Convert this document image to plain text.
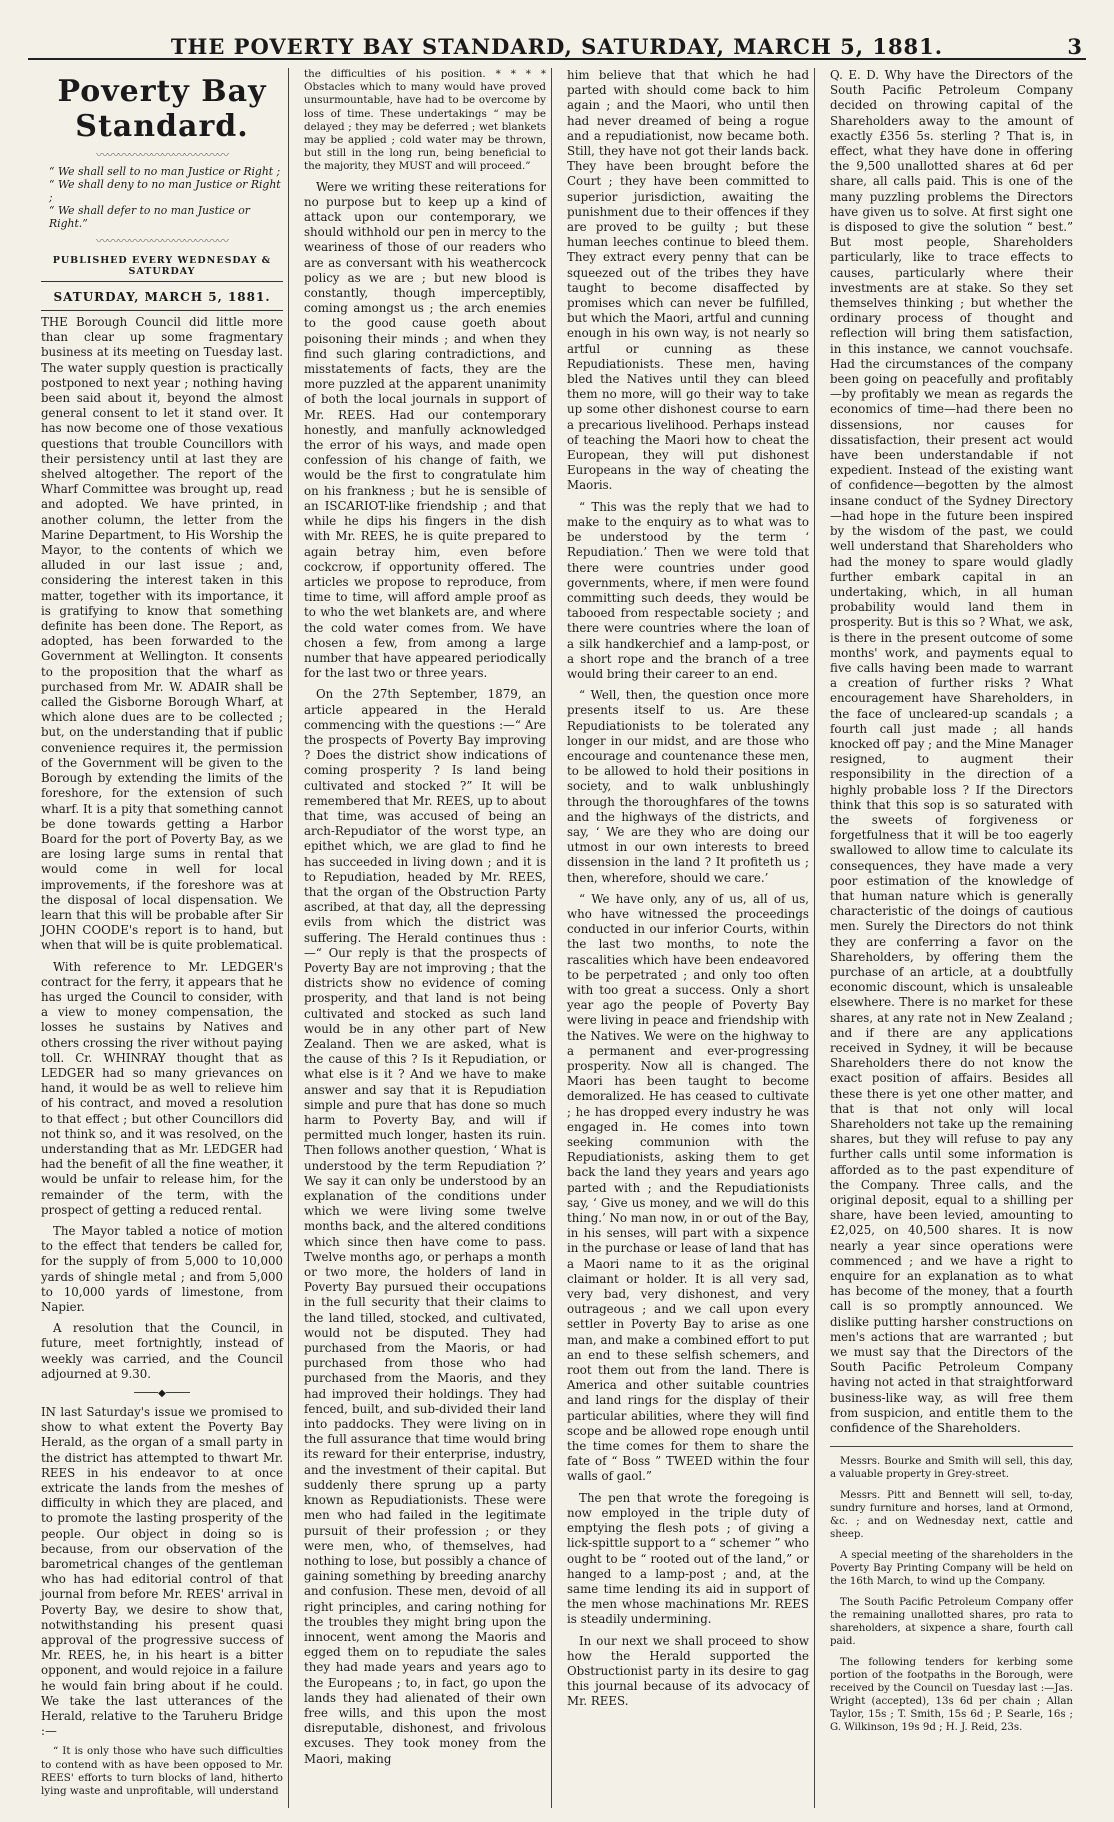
THE POVERTY BAY STANDARD, SATURDAY, MARCH 5, 1881.	3
Poverty Bay Standard.
〰〰〰〰〰〰〰〰〰〰〰〰
“ We shall sell to no man Justice or Right ;
“ We shall deny to no man Justice or Right ;
“ We shall defer to no man Justice or Right.”
〰〰〰〰〰〰〰〰〰〰〰〰
PUBLISHED EVERY WEDNESDAY & SATURDAY
SATURDAY, MARCH 5, 1881.

THE Borough Council did little more than clear up some fragmentary business at its meeting on Tuesday last. The water supply question is practically postponed to next year ; nothing having been said about it, beyond the almost general consent to let it stand over. It has now become one of those vexatious questions that trouble Councillors with their persistency until at last they are shelved altogether. The report of the Wharf Committee was brought up, read and adopted. We have printed, in another column, the letter from the Marine Department, to His Worship the Mayor, to the contents of which we alluded in our last issue ; and, considering the interest taken in this matter, together with its importance, it is gratifying to know that something definite has been done. The Report, as adopted, has been forwarded to the Government at Wellington. It consents to the proposition that the wharf as purchased from Mr. W. ADAIR shall be called the Gisborne Borough Wharf, at which alone dues are to be collected ; but, on the understanding that if public convenience requires it, the permission of the Government will be given to the Borough by extending the limits of the foreshore, for the extension of such wharf. It is a pity that something cannot be done towards getting a Harbor Board for the port of Poverty Bay, as we are losing large sums in rental that would come in well for local improvements, if the foreshore was at the disposal of local dispensation. We learn that this will be probable after Sir JOHN COODE's report is to hand, but when that will be is quite problematical.

With reference to Mr. LEDGER's contract for the ferry, it appears that he has urged the Council to consider, with a view to money compensation, the losses he sustains by Natives and others crossing the river without paying toll. Cr. WHINRAY thought that as LEDGER had so many grievances on hand, it would be as well to relieve him of his contract, and moved a resolution to that effect ; but other Councillors did not think so, and it was resolved, on the understanding that as Mr. LEDGER had had the benefit of all the fine weather, it would be unfair to release him, for the remainder of the term, with the prospect of getting a reduced rental.

The Mayor tabled a notice of motion to the effect that tenders be called for, for the supply of from 5,000 to 10,000 yards of shingle metal ; and from 5,000 to 10,000 yards of limestone, from Napier.

A resolution that the Council, in future, meet fortnightly, instead of weekly was carried, and the Council adjourned at 9.30.

────◆────

IN last Saturday's issue we promised to show to what extent the Poverty Bay Herald, as the organ of a small party in the district has attempted to thwart Mr. REES in his endeavor to at once extricate the lands from the meshes of difficulty in which they are placed, and to promote the lasting prosperity of the people. Our object in doing so is because, from our observation of the barometrical changes of the gentleman who has had editorial control of that journal from before Mr. REES' arrival in Poverty Bay, we desire to show that, notwithstanding his present quasi approval of the progressive success of Mr. REES, he, in his heart is a bitter opponent, and would rejoice in a failure he would fain bring about if he could. We take the last utterances of the Herald, relative to the Taruheru Bridge :—

“ It is only those who have such difficulties to contend with as have been opposed to Mr. REES' efforts to turn blocks of land, hitherto lying waste and unprofitable, will understand

the difficulties of his position. * * * * Obstacles which to many would have proved unsurmountable, have had to be overcome by loss of time. These undertakings “ may be delayed ; they may be deferred ; wet blankets may be applied ; cold water may be thrown, but still in the long run, being beneficial to the majority, they MUST and will proceed.”

Were we writing these reiterations for no purpose but to keep up a kind of attack upon our contemporary, we should withhold our pen in mercy to the weariness of those of our readers who are as conversant with his weathercock policy as we are ; but new blood is constantly, though imperceptibly, coming amongst us ; the arch enemies to the good cause goeth about poisoning their minds ; and when they find such glaring contradictions, and misstatements of facts, they are the more puzzled at the apparent unanimity of both the local journals in support of Mr. REES. Had our contemporary honestly, and manfully acknowledged the error of his ways, and made open confession of his change of faith, we would be the first to congratulate him on his frankness ; but he is sensible of an ISCARIOT-like friendship ; and that while he dips his fingers in the dish with Mr. REES, he is quite prepared to again betray him, even before cockcrow, if opportunity offered. The articles we propose to reproduce, from time to time, will afford ample proof as to who the wet blankets are, and where the cold water comes from. We have chosen a few, from among a large number that have appeared periodically for the last two or three years.

On the 27th September, 1879, an article appeared in the Herald commencing with the questions :—“ Are the prospects of Poverty Bay improving ? Does the district show indications of coming prosperity ? Is land being cultivated and stocked ?” It will be remembered that Mr. REES, up to about that time, was accused of being an arch-Repudiator of the worst type, an epithet which, we are glad to find he has succeeded in living down ; and it is to Repudiation, headed by Mr. REES, that the organ of the Obstruction Party ascribed, at that day, all the depressing evils from which the district was suffering. The Herald continues thus :—“ Our reply is that the prospects of Poverty Bay are not improving ; that the districts show no evidence of coming prosperity, and that land is not being cultivated and stocked as such land would be in any other part of New Zealand. Then we are asked, what is the cause of this ? Is it Repudiation, or what else is it ? And we have to make answer and say that it is Repudiation simple and pure that has done so much harm to Poverty Bay, and will if permitted much longer, hasten its ruin. Then follows another question, ‘ What is understood by the term Repudiation ?’ We say it can only be understood by an explanation of the conditions under which we were living some twelve months back, and the altered conditions which since then have come to pass. Twelve months ago, or perhaps a month or two more, the holders of land in Poverty Bay pursued their occupations in the full security that their claims to the land tilled, stocked, and cultivated, would not be disputed. They had purchased from the Maoris, or had purchased from those who had purchased from the Maoris, and they had improved their holdings. They had fenced, built, and sub-divided their land into paddocks. They were living on in the full assurance that time would bring its reward for their enterprise, industry, and the investment of their capital. But suddenly there sprung up a party known as Repudiationists. These were men who had failed in the legitimate pursuit of their profession ; or they were men, who, of themselves, had nothing to lose, but possibly a chance of gaining something by breeding anarchy and confusion. These men, devoid of all right principles, and caring nothing for the troubles they might bring upon the innocent, went among the Maoris and egged them on to repudiate the sales they had made years and years ago to the Europeans ; to, in fact, go upon the lands they had alienated of their own free wills, and this upon the most disreputable, dishonest, and frivolous excuses. They took money from the Maori, making

him believe that that which he had parted with should come back to him again ; and the Maori, who until then had never dreamed of being a rogue and a repudiationist, now became both. Still, they have not got their lands back. They have been brought before the Court ; they have been committed to superior jurisdiction, awaiting the punishment due to their offences if they are proved to be guilty ; but these human leeches continue to bleed them. They extract every penny that can be squeezed out of the tribes they have taught to become disaffected by promises which can never be fulfilled, but which the Maori, artful and cunning enough in his own way, is not nearly so artful or cunning as these Repudiationists. These men, having bled the Natives until they can bleed them no more, will go their way to take up some other dishonest course to earn a precarious livelihood. Perhaps instead of teaching the Maori how to cheat the European, they will put dishonest Europeans in the way of cheating the Maoris.

“ This was the reply that we had to make to the enquiry as to what was to be understood by the term ‘ Repudiation.’ Then we were told that there were countries under good governments, where, if men were found committing such deeds, they would be tabooed from respectable society ; and there were countries where the loan of a silk handkerchief and a lamp-post, or a short rope and the branch of a tree would bring their career to an end.

“ Well, then, the question once more presents itself to us. Are these Repudiationists to be tolerated any longer in our midst, and are those who encourage and countenance these men, to be allowed to hold their positions in society, and to walk unblushingly through the thoroughfares of the towns and the highways of the districts, and say, ‘ We are they who are doing our utmost in our own interests to breed dissension in the land ? It profiteth us ; then, wherefore, should we care.’

“ We have only, any of us, all of us, who have witnessed the proceedings conducted in our inferior Courts, within the last two months, to note the rascalities which have been endeavored to be perpetrated ; and only too often with too great a success. Only a short year ago the people of Poverty Bay were living in peace and friendship with the Natives. We were on the highway to a permanent and ever-progressing prosperity. Now all is changed. The Maori has been taught to become demoralized. He has ceased to cultivate ; he has dropped every industry he was engaged in. He comes into town seeking communion with the Repudiationists, asking them to get back the land they years and years ago parted with ; and the Repudiationists say, ‘ Give us money, and we will do this thing.’ No man now, in or out of the Bay, in his senses, will part with a sixpence in the purchase or lease of land that has a Maori name to it as the original claimant or holder. It is all very sad, very bad, very dishonest, and very outrageous ; and we call upon every settler in Poverty Bay to arise as one man, and make a combined effort to put an end to these selfish schemers, and root them out from the land. There is America and other suitable countries and land rings for the display of their particular abilities, where they will find scope and be allowed rope enough until the time comes for them to share the fate of “ Boss ” TWEED within the four walls of gaol.”

The pen that wrote the foregoing is now employed in the triple duty of emptying the flesh pots ; of giving a lick-spittle support to a “ schemer ” who ought to be “ rooted out of the land,” or hanged to a lamp-post ; and, at the same time lending its aid in support of the men whose machinations Mr. REES is steadily undermining.

In our next we shall proceed to show how the Herald supported the Obstructionist party in its desire to gag this journal because of its advocacy of Mr. REES.

Q. E. D. Why have the Directors of the South Pacific Petroleum Company decided on throwing capital of the Shareholders away to the amount of exactly £356 5s. sterling ? That is, in effect, what they have done in offering the 9,500 unallotted shares at 6d per share, all calls paid. This is one of the many puzzling problems the Directors have given us to solve. At first sight one is disposed to give the solution “ best.” But most people, Shareholders particularly, like to trace effects to causes, particularly where their investments are at stake. So they set themselves thinking ; but whether the ordinary process of thought and reflection will bring them satisfaction, in this instance, we cannot vouchsafe. Had the circumstances of the company been going on peacefully and profitably—by profitably we mean as regards the economics of time—had there been no dissensions, nor causes for dissatisfaction, their present act would have been understandable if not expedient. Instead of the existing want of confidence—begotten by the almost insane conduct of the Sydney Directory—had hope in the future been inspired by the wisdom of the past, we could well understand that Shareholders who had the money to spare would gladly further embark capital in an undertaking, which, in all human probability would land them in prosperity. But is this so ? What, we ask, is there in the present outcome of some months' work, and payments equal to five calls having been made to warrant a creation of further risks ? What encouragement have Shareholders, in the face of uncleared-up scandals ; a fourth call just made ; all hands knocked off pay ; and the Mine Manager resigned, to augment their responsibility in the direction of a highly probable loss ? If the Directors think that this sop is so saturated with the sweets of forgiveness or forgetfulness that it will be too eagerly swallowed to allow time to calculate its consequences, they have made a very poor estimation of the knowledge of that human nature which is generally characteristic of the doings of cautious men. Surely the Directors do not think they are conferring a favor on the Shareholders, by offering them the purchase of an article, at a doubtfully economic discount, which is unsaleable elsewhere. There is no market for these shares, at any rate not in New Zealand ; and if there are any applications received in Sydney, it will be because Shareholders there do not know the exact position of affairs. Besides all these there is yet one other matter, and that is that not only will local Shareholders not take up the remaining shares, but they will refuse to pay any further calls until some information is afforded as to the past expenditure of the Company. Three calls, and the original deposit, equal to a shilling per share, have been levied, amounting to £2,025, on 40,500 shares. It is now nearly a year since operations were commenced ; and we have a right to enquire for an explanation as to what has become of the money, that a fourth call is so promptly announced. We dislike putting harsher constructions on men's actions that are warranted ; but we must say that the Directors of the South Pacific Petroleum Company having not acted in that straightforward business-like way, as will free them from suspicion, and entitle them to the confidence of the Shareholders.

Messrs. Bourke and Smith will sell, this day, a valuable property in Grey-street.

Messrs. Pitt and Bennett will sell, to-day, sundry furniture and horses, land at Ormond, &c. ; and on Wednesday next, cattle and sheep.

A special meeting of the shareholders in the Poverty Bay Printing Company will be held on the 16th March, to wind up the Company.

The South Pacific Petroleum Company offer the remaining unallotted shares, pro rata to shareholders, at sixpence a share, fourth call paid.

The following tenders for kerbing some portion of the footpaths in the Borough, were received by the Council on Tuesday last :—Jas. Wright (accepted), 13s 6d per chain ; Allan Taylor, 15s ; T. Smith, 15s 6d ; P. Searle, 16s ; G. Wilkinson, 19s 9d ; H. J. Reid, 23s.
